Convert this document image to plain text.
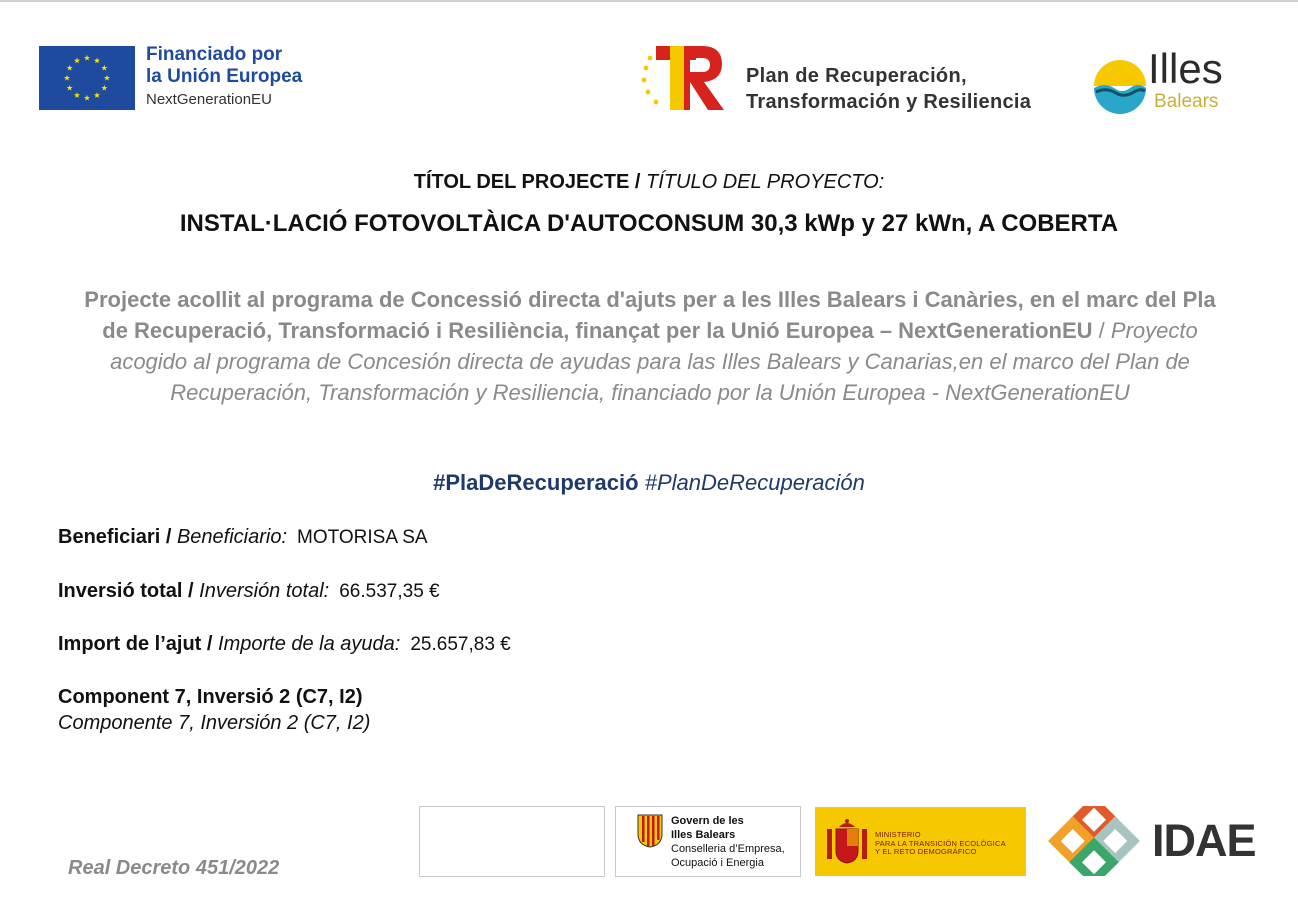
Financiado por
la Unión Europea
NextGenerationEU
Plan de Recuperación,
Transformación y Resiliencia
Illes
Balears
TÍTOL DEL PROJECTE / TÍTULO DEL PROYECTO:
INSTAL·LACIÓ FOTOVOLTÀICA D'AUTOCONSUM 30,3 kWp y 27 kWn, A COBERTA
Projecte acollit al programa de Concessió directa d'ajuts per a les Illes Balears i Canàries, en el marc del Pla de Recuperació, Transformació i Resiliència, finançat per la Unió Europea – NextGenerationEU / Proyecto acogido al programa de Concesión directa de ayudas para las Illes Balears y Canarias,en el marco del Plan de Recuperación, Transformación y Resiliencia, financiado por la Unión Europea - NextGenerationEU
#PlaDeRecuperació #PlanDeRecuperación
Beneficiari / Beneficiario: MOTORISA SA
Inversió total / Inversión total: 66.537,35 €
Import de l’ajut / Importe de la ayuda: 25.657,83 €
Component 7, Inversió 2 (C7, I2)
Componente 7, Inversión 2 (C7, I2)
Real Decreto 451/2022
Govern de les
Illes Balears
Conselleria d’Empresa,
Ocupació i Energia
MINISTERIO
PARA LA TRANSICIÓN ECOLÓGICA
Y EL RETO DEMOGRÁFICO	IDAE
